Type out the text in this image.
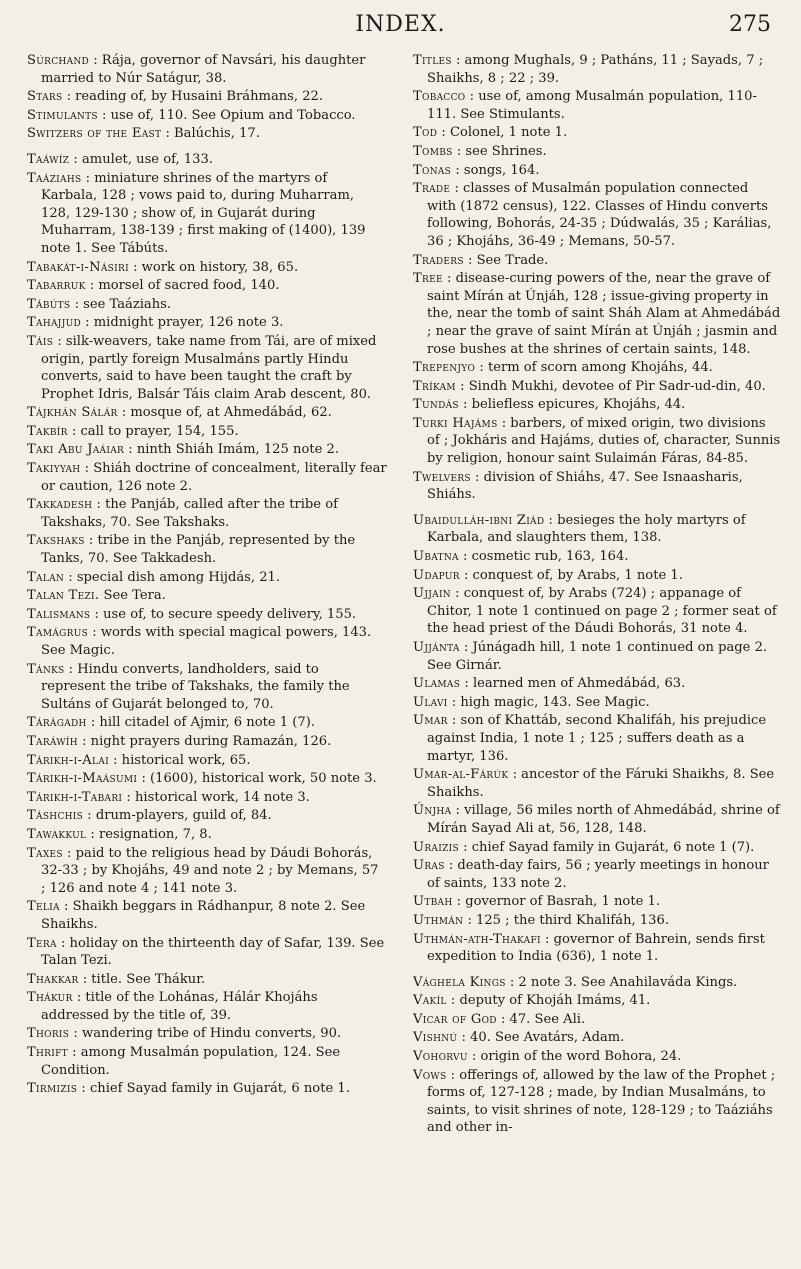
INDEX.	275
Súrchand : Rája, governor of Navsári, his daughter married to Núr Satágur, 38.
Stars : reading of, by Husaini Bráhmans, 22.
Stimulants : use of, 110. See Opium and Tobacco.
Switzers of the East : Balúchis, 17.
Taáwíz : amulet, use of, 133.
Taáziahs : miniature shrines of the martyrs of Karbala, 128 ; vows paid to, during Muharram, 128, 129-130 ; show of, in Gujarát during Muharram, 138-139 ; first making of (1400), 139 note 1. See Tábúts.
Tabakát-i-Násiri : work on history, 38, 65.
Tabarruk : morsel of sacred food, 140.
Tábúts : see Taáziahs.
Tahajjud : midnight prayer, 126 note 3.
Táis : silk-weavers, take name from Tái, are of mixed origin, partly foreign Musalmáns partly Hindu converts, said to have been taught the craft by Prophet Idris, Balsár Táis claim Arab descent, 80.
Tájkhán Sálár : mosque of, at Ahmedábád, 62.
Takbír : call to prayer, 154, 155.
Taki Abu Jaáiar : ninth Shiáh Imám, 125 note 2.
Takiyyah : Shiáh doctrine of concealment, literally fear or caution, 126 note 2.
Takkadesh : the Panjáb, called after the tribe of Takshaks, 70. See Takshaks.
Takshaks : tribe in the Panjáb, represented by the Tanks, 70. See Takkadesh.
Talan : special dish among Hijdás, 21.
Talan Tezi. See Tera.
Talismans : use of, to secure speedy delivery, 155.
Tamágrus : words with special magical powers, 143. See Magic.
Tánks : Hindu converts, landholders, said to represent the tribe of Takshaks, the family the Sultáns of Gujarát belonged to, 70.
Tárágadh : hill citadel of Ajmir, 6 note 1 (7).
Taráwíh : night prayers during Ramazán, 126.
Tárikh-i-Alai : historical work, 65.
Tárikh-i-Maásumi : (1600), historical work, 50 note 3.
Tárikh-i-Tabari : historical work, 14 note 3.
Táshchis : drum-players, guild of, 84.
Tawakkul : resignation, 7, 8.
Taxes : paid to the religious head by Dáudi Bohorás, 32-33 ; by Khojáhs, 49 and note 2 ; by Memans, 57 ; 126 and note 4 ; 141 note 3.
Telia : Shaikh beggars in Rádhanpur, 8 note 2. See Shaikhs.
Tera : holiday on the thirteenth day of Safar, 139. See Talan Tezi.
Thakkar : title. See Thákur.
Thákur : title of the Lohánas, Hálár Khojáhs addressed by the title of, 39.
Thoris : wandering tribe of Hindu converts, 90.
Thrift : among Musalmán population, 124. See Condition.
Tirmizis : chief Sayad family in Gujarát, 6 note 1.
Titles : among Mughals, 9 ; Patháns, 11 ; Sayads, 7 ; Shaikhs, 8 ; 22 ; 39.
Tobacco : use of, among Musalmán population, 110-111. See Stimulants.
Tod : Colonel, 1 note 1.
Tombs : see Shrines.
Tonas : songs, 164.
Trade : classes of Musalmán population connected with (1872 census), 122. Classes of Hindu converts following, Bohorás, 24-35 ; Dúdwalás, 35 ; Karálias, 36 ; Khojáhs, 36-49 ; Memans, 50-57.
Traders : See Trade.
Tree : disease-curing powers of the, near the grave of saint Mírán at Únjáh, 128 ; issue-giving property in the, near the tomb of saint Sháh Alam at Ahmedábád ; near the grave of saint Mírán at Únjáh ; jasmin and rose bushes at the shrines of certain saints, 148.
Trepenjyo : term of scorn among Khojáhs, 44.
Tríkam : Sindh Mukhi, devotee of Pir Sadr-ud-din, 40.
Tundás : beliefless epicures, Khojáhs, 44.
Turki Hajáms : barbers, of mixed origin, two divisions of ; Jokháris and Hajáms, duties of, character, Sunnis by religion, honour saint Sulaimán Fáras, 84-85.
Twelvers : division of Shiáhs, 47. See Isnaasharis, Shiáhs.
Ubaidulláh-ibni Ziád : besieges the holy martyrs of Karbala, and slaughters them, 138.
Ubatna : cosmetic rub, 163, 164.
Udapur : conquest of, by Arabs, 1 note 1.
Ujjain : conquest of, by Arabs (724) ; appanage of Chitor, 1 note 1 continued on page 2 ; former seat of the head priest of the Dáudi Bohorás, 31 note 4.
Ujjánta : Júnágadh hill, 1 note 1 continued on page 2. See Girnár.
Ulamas : learned men of Ahmedábád, 63.
Ulavi : high magic, 143. See Magic.
Umar : son of Khattáb, second Khalifáh, his prejudice against India, 1 note 1 ; 125 ; suffers death as a martyr, 136.
Umar-al-Fárúk : ancestor of the Fáruki Shaikhs, 8. See Shaikhs.
Únjha : village, 56 miles north of Ahmedábád, shrine of Mírán Sayad Ali at, 56, 128, 148.
Uraizis : chief Sayad family in Gujarát, 6 note 1 (7).
Uras : death-day fairs, 56 ; yearly meetings in honour of saints, 133 note 2.
Utbah : governor of Basrah, 1 note 1.
Uthmán : 125 ; the third Khalifáh, 136.
Uthmán-ath-Thakafi : governor of Bahrein, sends first expedition to India (636), 1 note 1.
Vághela Kings : 2 note 3. See Anahilaváda Kings.
Vakíl : deputy of Khojáh Imáms, 41.
Vicar of God : 47. See Ali.
Vishnú : 40. See Avatárs, Adam.
Vohorvu : origin of the word Bohora, 24.
Vows : offerings of, allowed by the law of the Prophet ; forms of, 127-128 ; made, by Indian Musalmáns, to saints, to visit shrines of note, 128-129 ; to Taáziáhs and other in-
